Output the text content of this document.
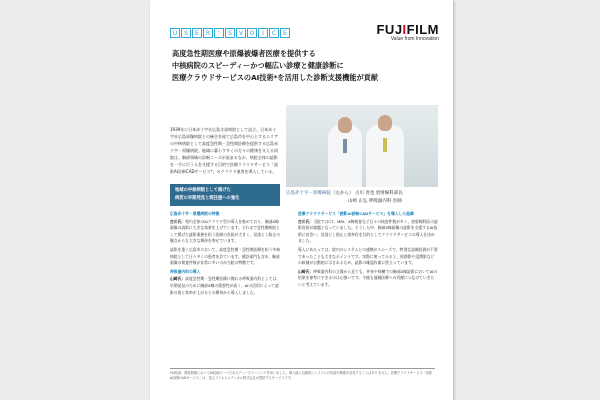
U	S	E	R	'	S	V	O	I	C	E	FUJIFILM
Value from Innovation
高度急性期医療や原爆被爆者医療を提供する
中核病院のスピーディーかつ幅広い診療と健康診断に
医療クラウドサービスのAI技術*を活用した診断支援機能が貢献
1939年に日本赤十字社広島支部病院として設立。日本赤十字社広島原爆病院との統合を経て広島市を中心とするエリアの中核病院として高度急性期・急性期医療を提供する広島赤十字・原爆病院。地域に暮らす多くの方々の健康を支える同院は、胸部領域の診断ニーズが高まるなか、病院全体の読影を一手に行う人を支援する目的で医療クラウドサービス「読影AI診断CADサービス*」のクラウド運用を導入している。
広島赤十字・原爆病院（左から） 古川 善也 放射線科部長
山崎 正弘 呼吸器内科 医師
地域の中核病院として掲げた
病変の早期発見と既往歴への強化
広島赤十字・原爆病院の特徴

古川氏：県内全体のAIクラウド型の導入を進めており、胸部X線画像の読影に大きな効果を上げています。それまで急性期病院として掲げた読影業務を担う医師の負担が大きく、見落とし防止の観点からも大きな期待を寄せています。

読影を重く広島市において、高度急性期・急性期医療を担う中核病院として日々多くの患者を診ています。健診部門も含め、胸部画像の検査件数が非常に多いのが当院の特徴です。

呼吸器内科の導入

山崎氏：高度急性期・急性期医療に携わる呼吸器内科としては、早期発見のために胸部X線の重要性が高く、AIの活用によって読影の質と効率が上がるとの期待から導入しました。

医療クラウドサービス「読影AI診断CADサービス」を導入した経緯

古川氏：当院ではCT、MRI、X線検査など日々の検査件数が多く、放射線科医の読影負担が課題となっていました。そうした中、胸部X線画像の読影を支援するAI技術に出会い、見落とし防止と効率化を目的としてクラウドサービスの導入を決めました。

導入にあたっては、院内のシステムとの連携がスムーズで、特別な設備投資が不要であったことも大きなポイントです。実際に使ってみると、結節影や浸潤影などの候補が自動的に示されるため、読影の確認作業に役立っています。

山崎氏：呼吸器内科の立場から見ても、外来や病棟での胸部X線読影においてAIの結果を参考にできるのは心強いです。今後も地域医療への貢献につなげていきたいと考えています。

*AI技術：開発段階においてAI技術の一つであるディープラーニングを用いました。導入後に自動的にシステムの性能や精度が変化することはありません。医療クラウドサービス「読影AI診断CADサービス」は、富士フイルムメディカル株式会社が提供するサービスです。
